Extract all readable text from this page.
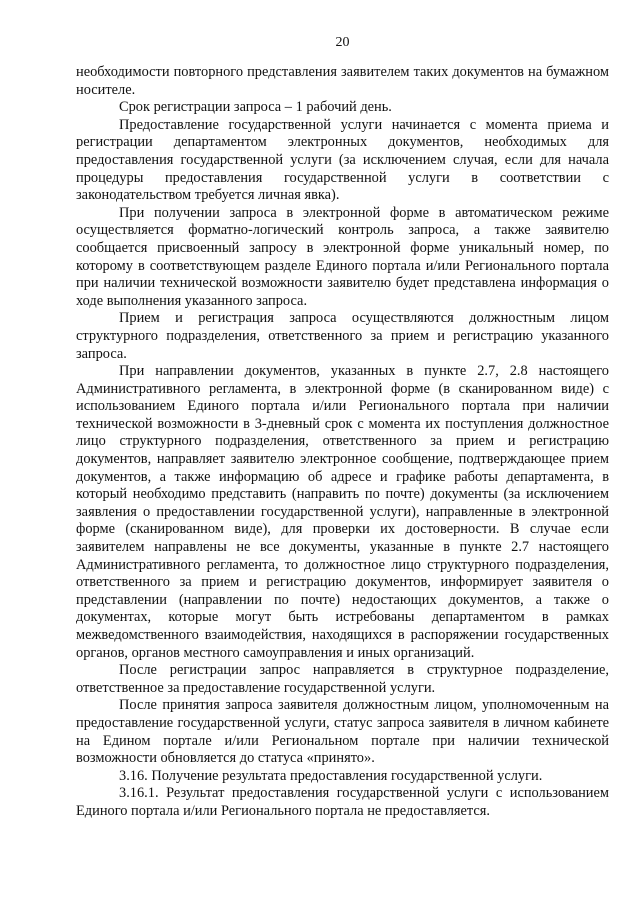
20

необходимости повторного представления заявителем таких документов на бумажном носителе.

Срок регистрации запроса – 1 рабочий день.

Предоставление государственной услуги начинается с момента приема и регистрации департаментом электронных документов, необходимых для предоставления государственной услуги (за исключением случая, если для начала процедуры предоставления государственной услуги в соответствии с законодательством требуется личная явка).

При получении запроса в электронной форме в автоматическом режиме осуществляется форматно-логический контроль запроса, а также заявителю сообщается присвоенный запросу в электронной форме уникальный номер, по которому в соответствующем разделе Единого портала и/или Регионального портала при наличии технической возможности заявителю будет представлена информация о ходе выполнения указанного запроса.

Прием и регистрация запроса осуществляются должностным лицом структурного подразделения, ответственного за прием и регистрацию указанного запроса.

При направлении документов, указанных в пункте 2.7, 2.8 настоящего Административного регламента, в электронной форме (в сканированном виде) с использованием Единого портала и/или Регионального портала при наличии технической возможности в 3-дневный срок с момента их поступления должностное лицо структурного подразделения, ответственного за прием и регистрацию документов, направляет заявителю электронное сообщение, подтверждающее прием документов, а также информацию об адресе и графике работы департамента, в который необходимо представить (направить по почте) документы (за исключением заявления о предоставлении государственной услуги), направленные в электронной форме (сканированном виде), для проверки их достоверности. В случае если заявителем направлены не все документы, указанные в пункте 2.7 настоящего Административного регламента, то должностное лицо структурного подразделения, ответственного за прием и регистрацию документов, информирует заявителя о представлении (направлении по почте) недостающих документов, а также о документах, которые могут быть истребованы департаментом в рамках межведомственного взаимодействия, находящихся в распоряжении государственных органов, органов местного самоуправления и иных организаций.

После регистрации запрос направляется в структурное подразделение, ответственное за предоставление государственной услуги.

После принятия запроса заявителя должностным лицом, уполномоченным на предоставление государственной услуги, статус запроса заявителя в личном кабинете на Едином портале и/или Региональном портале при наличии технической возможности обновляется до статуса «принято».

3.16. Получение результата предоставления государственной услуги.

3.16.1. Результат предоставления государственной услуги с использованием Единого портала и/или Регионального портала не предоставляется.
